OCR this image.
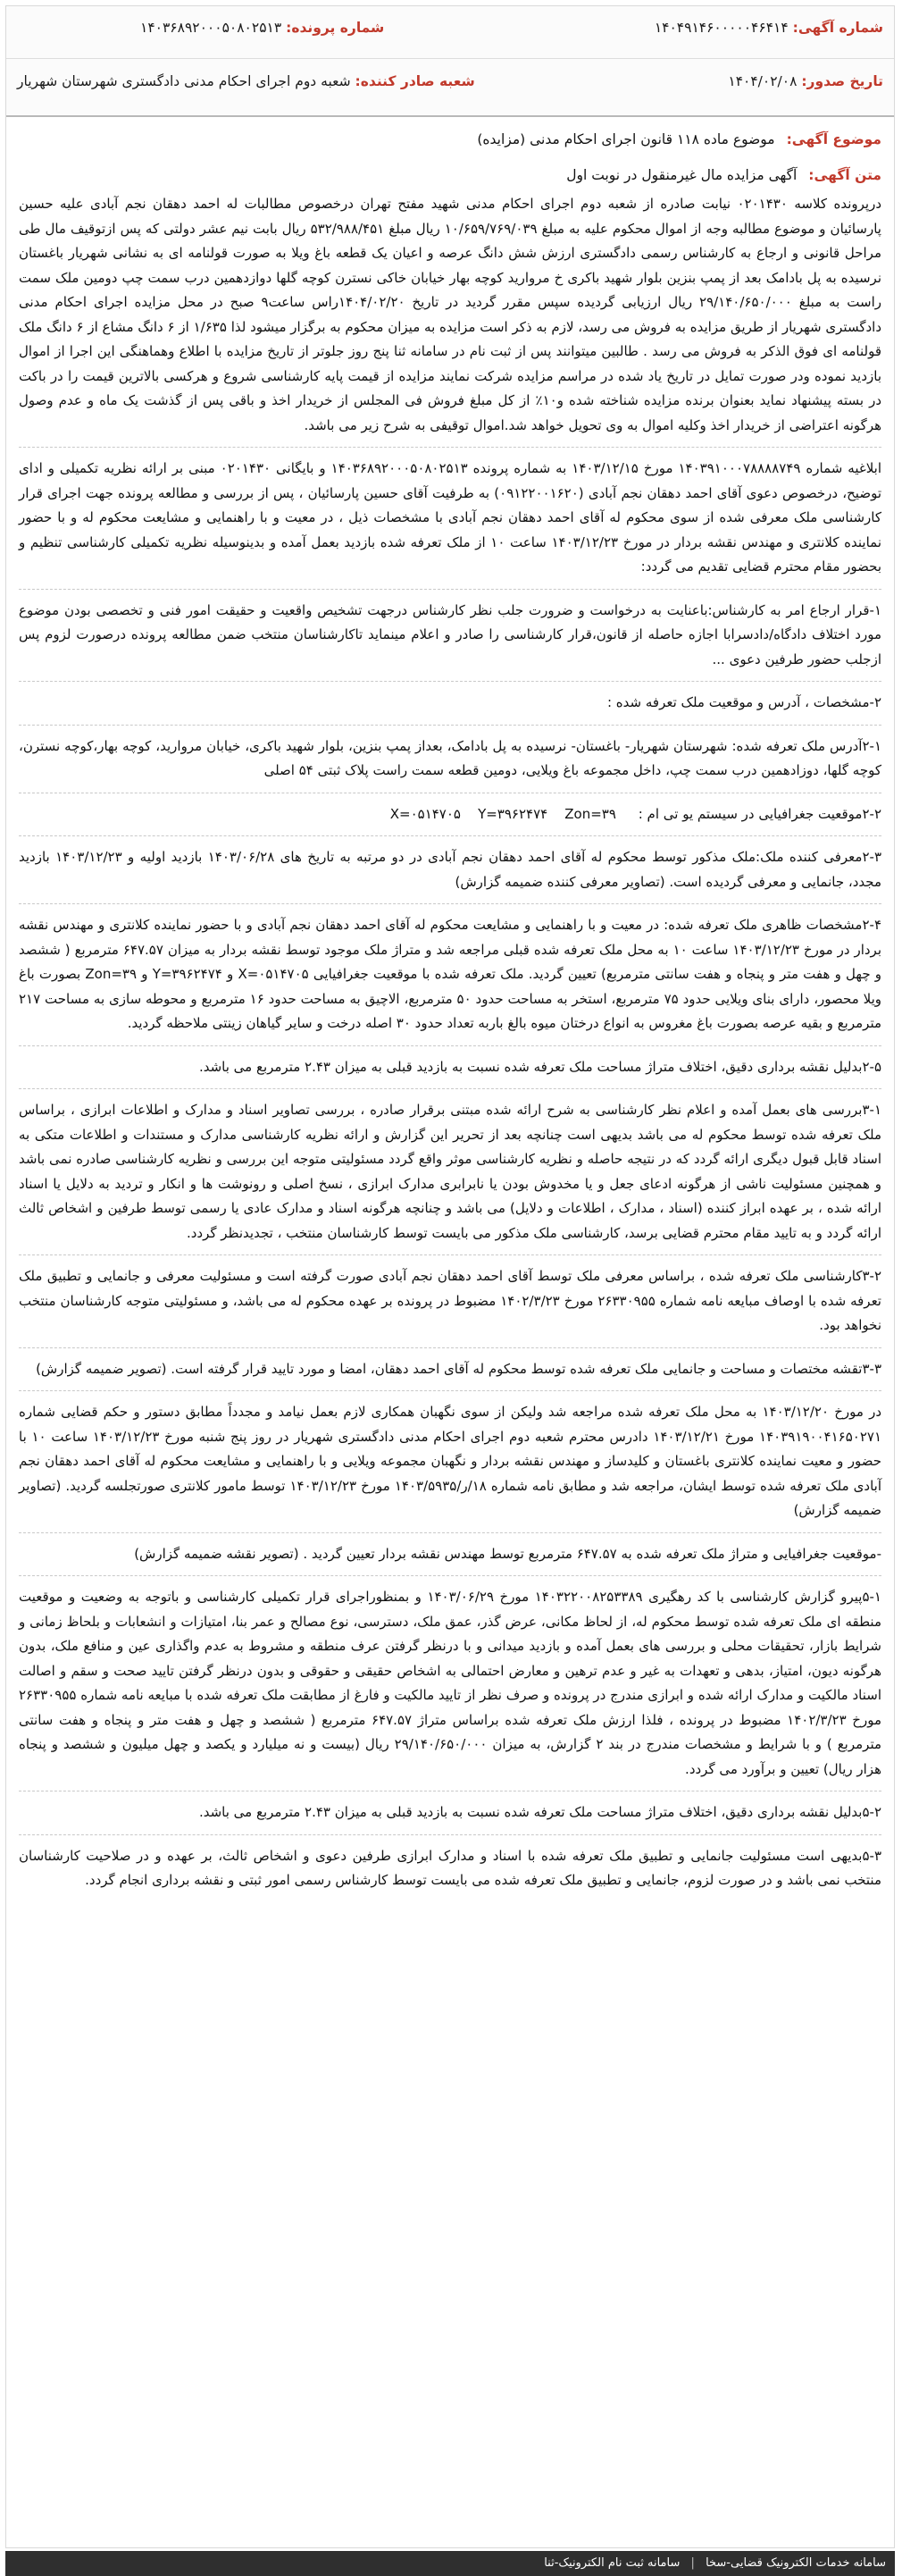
شماره آگهی: ۱۴۰۴۹۱۴۶۰۰۰۰۰۴۶۴۱۴
شماره پرونده: ۱۴۰۳۶۸۹۲۰۰۰۵۰۸۰۲۵۱۳
تاریخ صدور: ۱۴۰۴/۰۲/۰۸
شعبه صادر کننده: شعبه دوم اجرای احکام مدنی دادگستری شهرستان شهریار
موضوع آگهی: موضوع ماده ۱۱۸ قانون اجرای احکام مدنی (مزایده)
متن آگهی: آگهی مزایده مال غیرمنقول در نوبت اول

درپرونده کلاسه ۰۲۰۱۴۳۰ نیابت صادره از شعبه دوم اجرای احکام مدنی شهید مفتح تهران درخصوص مطالبات له احمد دهقان نجم آبادی علیه حسین پارسائیان و موضوع مطالبه وجه از اموال محکوم علیه به مبلغ ۱۰/۶۵۹/۷۶۹/۰۳۹ ریال مبلغ ۵۳۲/۹۸۸/۴۵۱ ریال بابت نیم عشر دولتی که پس ازتوقیف مال طی مراحل قانونی و ارجاع به کارشناس رسمی دادگستری ارزش شش دانگ عرصه و اعیان یک قطعه باغ ویلا به صورت قولنامه ای به نشانی شهریار باغستان نرسیده به پل بادامک بعد از پمپ بنزین بلوار شهید باکری خ مروارید کوچه بهار خیابان خاکی نسترن کوچه گلها دوازدهمین درب سمت چپ دومین ملک سمت راست به مبلغ ۲۹/۱۴۰/۶۵۰/۰۰۰ ریال ارزیابی گردیده سپس مقرر گردید در تاریخ ۱۴۰۴/۰۲/۲۰راس ساعت۹ صبح در محل مزایده اجرای احکام مدنی دادگستری شهریار از طریق مزایده به فروش می رسد، لازم به ذکر است مزایده به میزان محکوم به برگزار میشود لذا ۱/۶۳۵ از ۶ دانگ مشاع از ۶ دانگ ملک قولنامه ای فوق الذکر به فروش می رسد . طالبین میتوانند پس از ثبت نام در سامانه ثنا پنج روز جلوتر از تاریخ مزایده با اطلاع وهماهنگی این اجرا از اموال بازدید نموده ودر صورت تمایل در تاریخ یاد شده در مراسم مزایده شرکت نمایند مزایده از قیمت پایه کارشناسی شروع و هرکسی بالاترین قیمت را در باکت در بسته پیشنهاد نماید بعنوان برنده مزایده شناخته شده و۱۰٪ از کل مبلغ فروش فی المجلس از خریدار اخذ و باقی پس از گذشت یک ماه و عدم وصول هرگونه اعتراضی از خریدار اخذ وکلیه اموال به وی تحویل خواهد شد.اموال توقیفی به شرح زیر می باشد.

ابلاغیه شماره ۱۴۰۳۹۱۰۰۰۷۸۸۸۸۷۴۹ مورخ ۱۴۰۳/۱۲/۱۵ به شماره پرونده ۱۴۰۳۶۸۹۲۰۰۰۵۰۸۰۲۵۱۳ و بایگانی ۰۲۰۱۴۳۰ مبنی بر ارائه نظریه تکمیلی و ادای توضیح، درخصوص دعوی آقای احمد دهقان نجم آبادی (۰۹۱۲۲۰۰۱۶۲۰) به طرفیت آقای حسین پارسائیان ، پس از بررسی و مطالعه پرونده جهت اجرای قرار کارشناسی ملک معرفی شده از سوی محکوم له آقای احمد دهقان نجم آبادی با مشخصات ذیل ، در معیت و با راهنمایی و مشایعت محکوم له و با حضور نماینده کلانتری و مهندس نقشه بردار در مورخ ۱۴۰۳/۱۲/۲۳ ساعت ۱۰ از ملک تعرفه شده بازدید بعمل آمده و بدینوسیله نظریه تکمیلی کارشناسی تنظیم و بحضور مقام محترم قضایی تقدیم می گردد:

۱-قرار ارجاع امر به کارشناس:باعنایت به درخواست و ضرورت جلب نظر کارشناس درجهت تشخیص واقعیت و حقیقت امور فنی و تخصصی بودن موضوع مورد اختلاف دادگاه/دادسرابا اجازه حاصله از قانون،قرار کارشناسی را صادر و اعلام مینماید تاکارشناسان منتخب ضمن مطالعه پرونده درصورت لزوم پس ازجلب حضور طرفین دعوی ...

۲-مشخصات ، آدرس و موقعیت ملک تعرفه شده :

۲-۱آدرس ملک تعرفه شده: شهرستان شهریار- باغستان- نرسیده به پل بادامک، بعداز پمپ بنزین، بلوار شهید باکری، خیابان مروارید، کوچه بهار،کوچه نسترن، کوچه گلها، دوزادهمین درب سمت چپ، داخل مجموعه باغ ویلایی، دومین قطعه سمت راست پلاک ثبتی ۵۴ اصلی

۲-۲موقعیت جغرافیایی در سیستم یو تی ام : X=۰۵۱۴۷۰۵ Y=۳۹۶۲۴۷۴ Zon=۳۹

۲-۳معرفی کننده ملک:ملک مذکور توسط محکوم له آقای احمد دهقان نجم آبادی در دو مرتبه به تاریخ های ۱۴۰۳/۰۶/۲۸ بازدید اولیه و ۱۴۰۳/۱۲/۲۳ بازدید مجدد، جانمایی و معرفی گردیده است. (تصاویر معرفی کننده ضمیمه گزارش)

۲-۴مشخصات ظاهری ملک تعرفه شده: در معیت و با راهنمایی و مشایعت محکوم له آقای احمد دهقان نجم آبادی و با حضور نماینده کلانتری و مهندس نقشه بردار در مورخ ۱۴۰۳/۱۲/۲۳ ساعت ۱۰ به محل ملک تعرفه شده قبلی مراجعه شد و متراژ ملک موجود توسط نقشه بردار به میزان ۶۴۷.۵۷ مترمربع ( ششصد و چهل و هفت متر و پنجاه و هفت سانتی مترمربع) تعیین گردید. ملک تعرفه شده با موقعیت جغرافیایی X=۰۵۱۴۷۰۵ و Y=۳۹۶۲۴۷۴ و Zon=۳۹ بصورت باغ ویلا محصور، دارای بنای ویلایی حدود ۷۵ مترمربع، استخر به مساحت حدود ۵۰ مترمربع، الاچیق به مساحت حدود ۱۶ مترمربع و محوطه سازی به مساحت ۲۱۷ مترمربع و بقیه عرصه بصورت باغ مغروس به انواع درختان میوه بالغ باربه تعداد حدود ۳۰ اصله درخت و سایر گیاهان زینتی ملاحظه گردید.

۲-۵بدلیل نقشه برداری دقیق، اختلاف متراژ مساحت ملک تعرفه شده نسبت به بازدید قبلی به میزان ۲.۴۳ مترمربع می باشد.

۳-۱بررسی های بعمل آمده و اعلام نظر کارشناسی به شرح ارائه شده مبتنی برقرار صادره ، بررسی تصاویر اسناد و مدارک و اطلاعات ابرازی ، براساس ملک تعرفه شده توسط محکوم له می باشد بدیهی است چنانچه بعد از تحریر این گزارش و ارائه نظریه کارشناسی مدارک و مستندات و اطلاعات متکی به اسناد قابل قبول دیگری ارائه گردد که در نتیجه حاصله و نظریه کارشناسی موثر واقع گردد مسئولیتی متوجه این بررسی و نظریه کارشناسی صادره نمی باشد و همچنین مسئولیت ناشی از هرگونه ادعای جعل و یا مخدوش بودن یا نابرابری مدارک ابرازی ، نسخ اصلی و رونوشت ها و انکار و تردید به دلایل یا اسناد ارائه شده ، بر عهده ابراز کننده (اسناد ، مدارک ، اطلاعات و دلایل) می باشد و چنانچه هرگونه اسناد و مدارک عادی یا رسمی توسط طرفین و اشخاص ثالث ارائه گردد و به تایید مقام محترم قضایی برسد، کارشناسی ملک مذکور می بایست توسط کارشناسان منتخب ، تجدیدنظر گردد.

۳-۲کارشناسی ملک تعرفه شده ، براساس معرفی ملک توسط آقای احمد دهقان نجم آبادی صورت گرفته است و مسئولیت معرفی و جانمایی و تطبیق ملک تعرفه شده با اوصاف مبایعه نامه شماره ۲۶۳۳۰۹۵۵ مورخ ۱۴۰۲/۳/۲۳ مضبوط در پرونده بر عهده محکوم له می باشد، و مسئولیتی متوجه کارشناسان منتخب نخواهد بود.

۳-۳تقشه مختصات و مساحت و جانمایی ملک تعرفه شده توسط محکوم له آقای احمد دهقان، امضا و مورد تایید قرار گرفته است. (تصویر ضمیمه گزارش)

در مورخ ۱۴۰۳/۱۲/۲۰ به محل ملک تعرفه شده مراجعه شد ولیکن از سوی نگهبان همکاری لازم بعمل نیامد و مجدداً مطابق دستور و حکم قضایی شماره ۱۴۰۳۹۱۹۰۰۴۱۶۵۰۲۷۱ مورخ ۱۴۰۳/۱۲/۲۱ دادرس محترم شعبه دوم اجرای احکام مدنی دادگستری شهریار در روز پنج شنبه مورخ ۱۴۰۳/۱۲/۲۳ ساعت ۱۰ با حضور و معیت نماینده کلانتری باغستان و کلیدساز و مهندس نقشه بردار و نگهبان مجموعه ویلایی و با راهنمایی و مشایعت محکوم له آقای احمد دهقان نجم آبادی ملک تعرفه شده توسط ایشان، مراجعه شد و مطابق نامه شماره ۱۸/ر/۱۴۰۳/۵۹۳۵ مورخ ۱۴۰۳/۱۲/۲۳ توسط مامور کلانتری صورتجلسه گردید. (تصاویر ضمیمه گزارش)

-موقعیت جغرافیایی و متراژ ملک تعرفه شده به ۶۴۷.۵۷ مترمربع توسط مهندس نقشه بردار تعیین گردید . (تصویر نقشه ضمیمه گزارش)

۵-۱پیرو گزارش کارشناسی با کد رهگیری ۱۴۰۳۲۲۰۰۸۲۵۳۳۸۹ مورخ ۱۴۰۳/۰۶/۲۹ و بمنظوراجرای قرار تکمیلی کارشناسی و باتوجه به وضعیت و موقعیت منطقه ای ملک تعرفه شده توسط محکوم له، از لحاظ مکانی، عرض گذر، عمق ملک، دسترسی، نوع مصالح و عمر بنا، امتیازات و انشعابات و بلحاظ زمانی و شرایط بازار، تحقیقات محلی و بررسی های بعمل آمده و بازدید میدانی و با درنظر گرفتن عرف منطقه و مشروط به عدم واگذاری عین و منافع ملک، بدون هرگونه دیون، امتیاز، بدهی و تعهدات به غیر و عدم ترهین و معارض احتمالی به اشخاص حقیقی و حقوقی و بدون درنظر گرفتن تایید صحت و سقم و اصالت اسناد مالکیت و مدارک ارائه شده و ابرازی مندرج در پرونده و صرف نظر از تایید مالکیت و فارغ از مطابقت ملک تعرفه شده با مبایعه نامه شماره ۲۶۳۳۰۹۵۵ مورخ ۱۴۰۲/۳/۲۳ مضبوط در پرونده ، فلذا ارزش ملک تعرفه شده براساس متراژ ۶۴۷.۵۷ مترمربع ( ششصد و چهل و هفت متر و پنجاه و هفت سانتی مترمربع ) و با شرایط و مشخصات مندرج در بند ۲ گزارش، به میزان ۲۹/۱۴۰/۶۵۰/۰۰۰ ریال (بیست و نه میلیارد و یکصد و چهل میلیون و ششصد و پنجاه هزار ریال) تعیین و برآورد می گردد.

۵-۲بدلیل نقشه برداری دقیق، اختلاف متراژ مساحت ملک تعرفه شده نسبت به بازدید قبلی به میزان ۲.۴۳ مترمربع می باشد.

۵-۳بدیهی است مسئولیت جانمایی و تطبیق ملک تعرفه شده با اسناد و مدارک ابرازی طرفین دعوی و اشخاص ثالث، بر عهده و در صلاحیت کارشناسان منتخب نمی باشد و در صورت لزوم، جانمایی و تطبیق ملک تعرفه شده می بایست توسط کارشناس رسمی امور ثبتی و نقشه برداری انجام گردد.

سامانه خدمات الکترونیک قضایی-سخا | سامانه ثبت نام الکترونیک-ثنا
